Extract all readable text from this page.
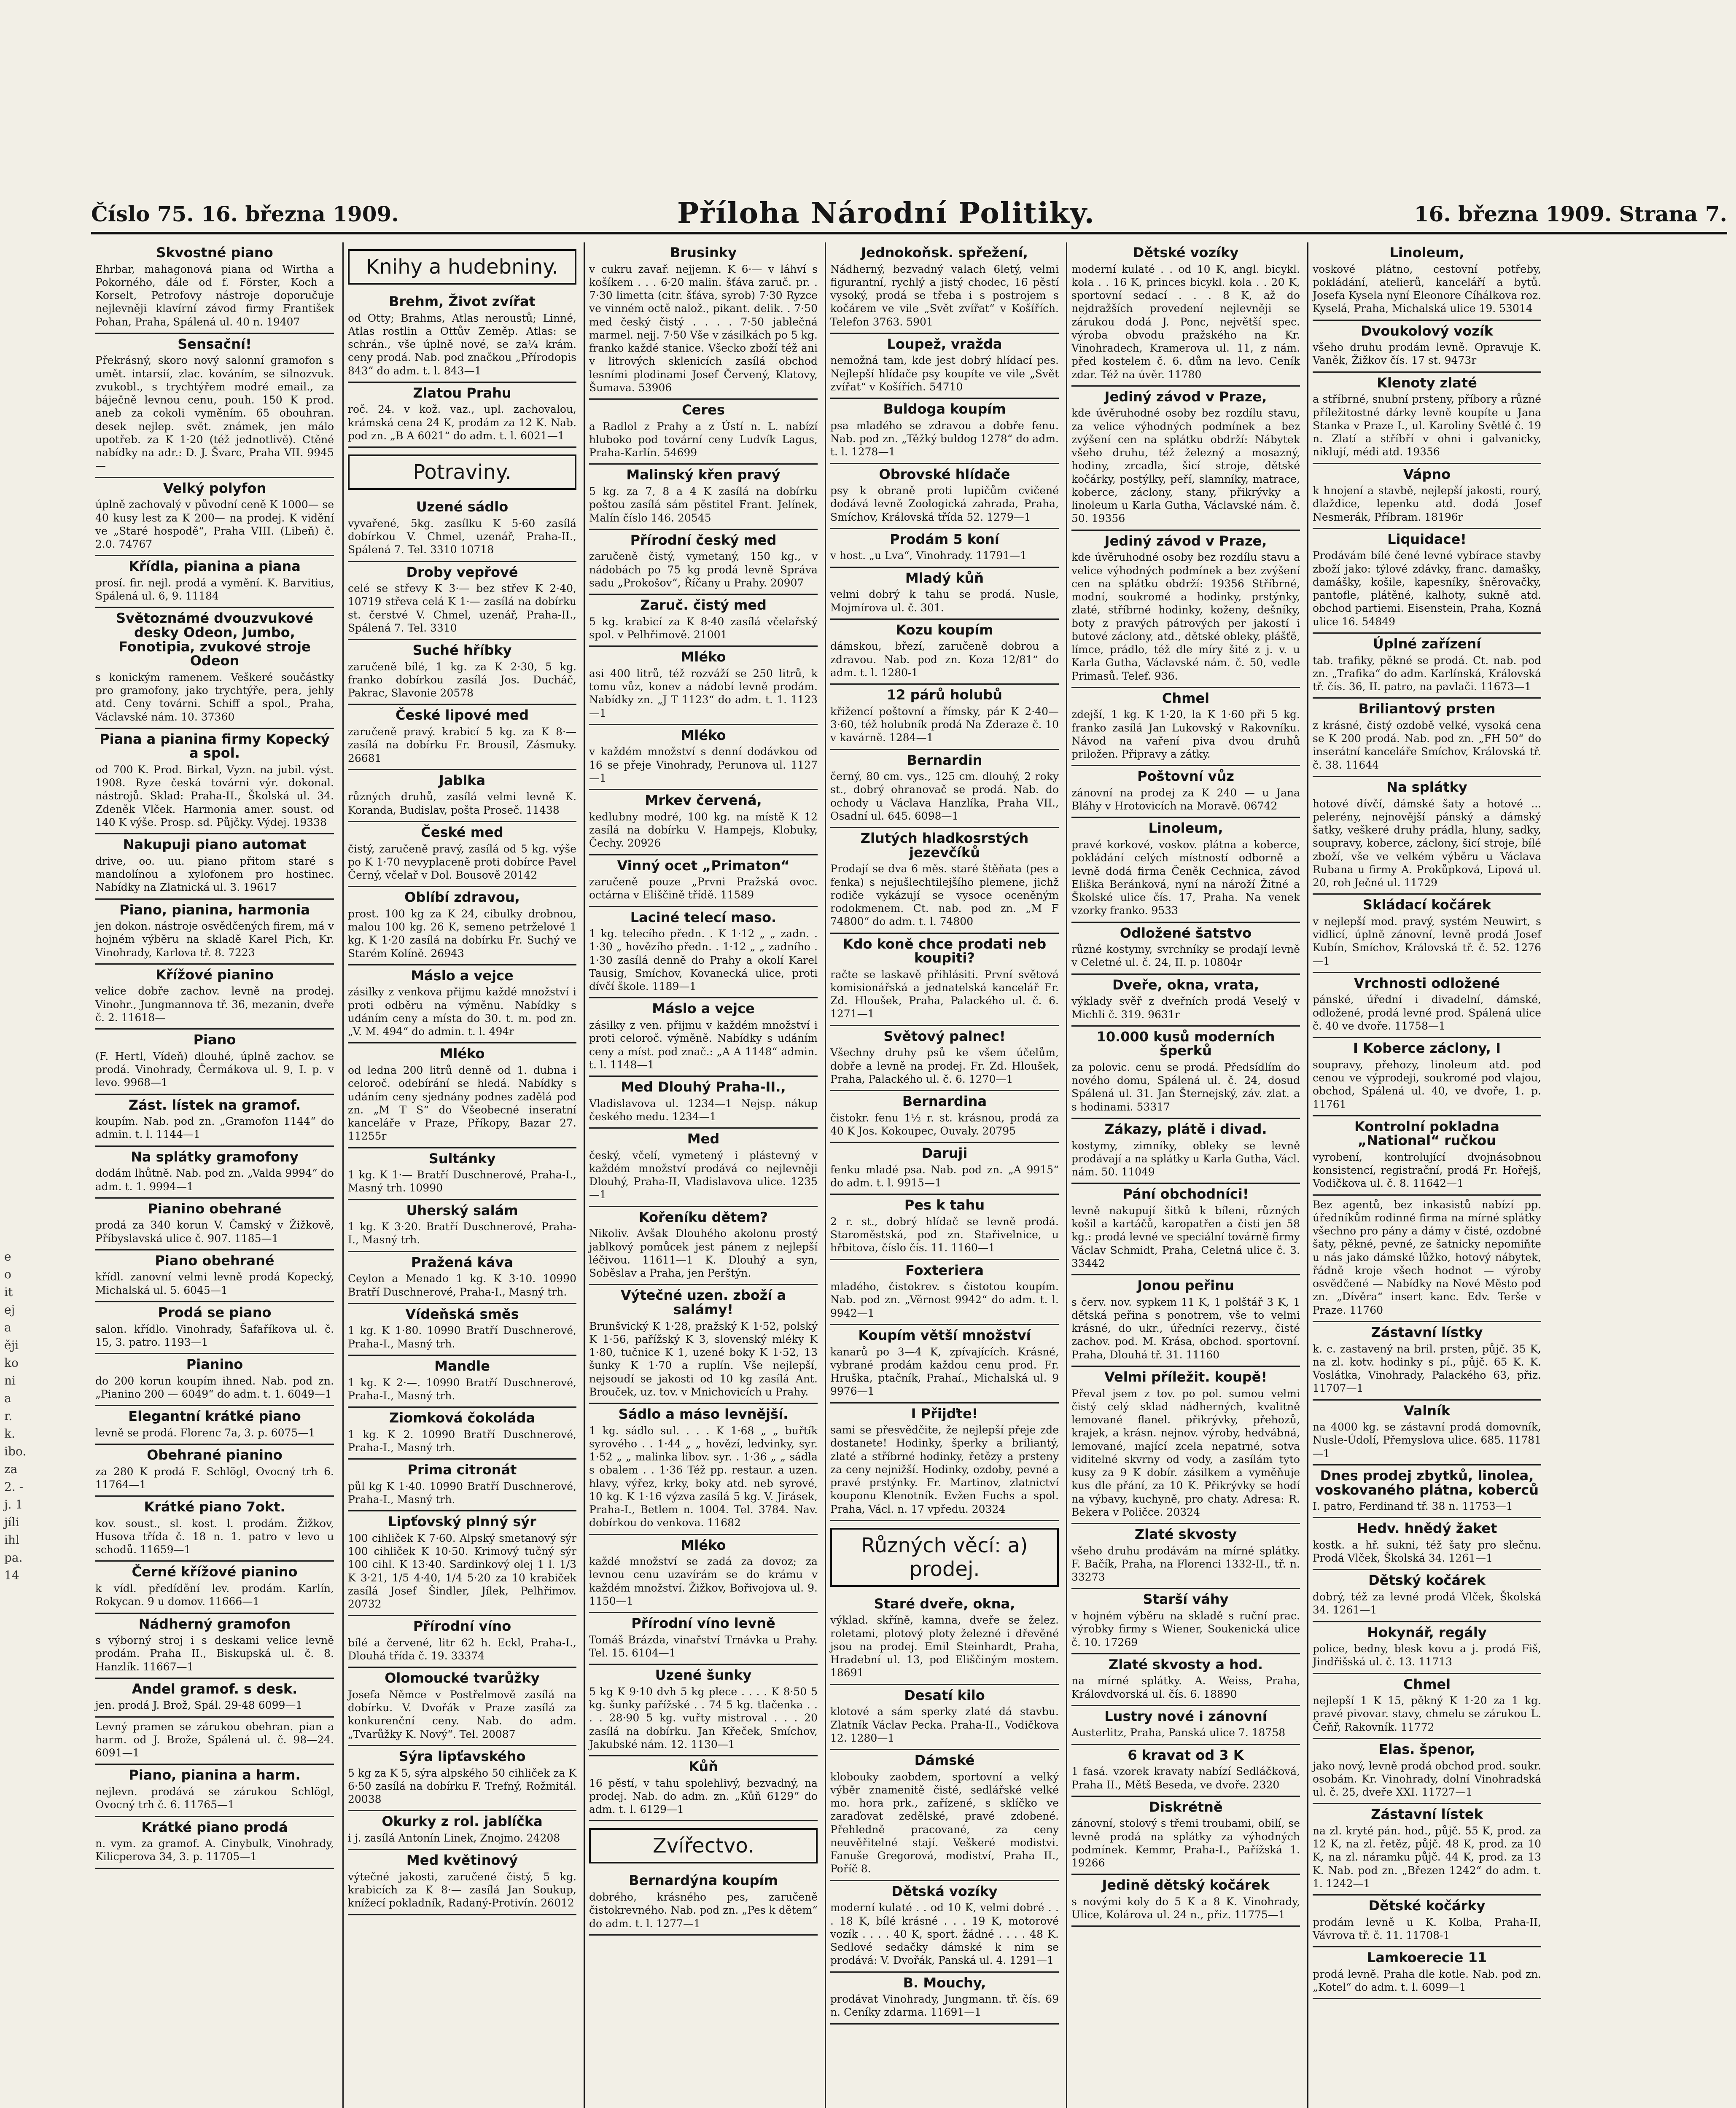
Číslo 75. 16. března 1909.	Příloha Národní Politiky.	16. března 1909. Strana 7.
Skvostné piano
Ehrbar, mahagonová piana od Wirtha a Pokorného, dále od f. Förster, Koch a Korselt, Petrofovy nástroje doporučuje nejlevněji klavírní závod firmy František Pohan, Praha, Spálená ul. 40 n. 19407
Sensační!
Překrásný, skoro nový salonní gramofon s umět. intarsií, zlac. kováním, se silnozvuk. zvukobl., s trychtýřem modré email., za báječně levnou cenu, pouh. 150 K prod. aneb za cokoli vyměním. 65 obouhran. desek nejlep. svět. známek, jen málo upotřeb. za K 1·20 (též jednotlivě). Ctěné nabídky na adr.: D. J. Švarc, Praha VII. 9945—
Velký polyfon
úplně zachovalý v původní ceně K 1000— se 40 kusy lest za K 200— na prodej. K vidění ve „Staré hospodě“, Praha VIII. (Libeň) č. 2.0. 74767
Křídla, pianina a piana
prosí. fir. nejl. prodá a vymění. K. Barvitius, Spálená ul. 6, 9. 11184
Světoznámé dvouzvukové desky Odeon, Jumbo, Fonotipia, zvukové stroje Odeon
s konickým ramenem. Veškeré součástky pro gramofony, jako trychtýře, pera, jehly atd. Ceny továrni. Schiff a spol., Praha, Václavské nám. 10. 37360
Piana a pianina firmy Kopecký a spol.
od 700 K. Prod. Birkal, Vyzn. na jubil. výst. 1908. Ryze česká továrni výr. dokonal. nástrojů. Sklad: Praha-II., Školská ul. 34. Zdeněk Vlček. Harmonia amer. soust. od 140 K výše. Prosp. sd. Půjčky. Výdej. 19338
Nakupuji piano automat
drive, oo. uu. piano přitom staré s mandolínou a xylofonem pro hostinec. Nabídky na Zlatnická ul. 3. 19617
Piano, pianina, harmonia
jen dokon. nástroje osvědčených firem, má v hojném výběru na skladě Karel Pich, Kr. Vinohrady, Karlova tř. 8. 7223
Křížové pianino
velice dobře zachov. levně na prodej. Vinohr., Jungmannova tř. 36, mezanin, dveře č. 2. 11618—
Piano
(F. Hertl, Vídeň) dlouhé, úplně zachov. se prodá. Vinohrady, Čermákova ul. 9, I. p. v levo. 9968—1
Zást. lístek na gramof.
koupím. Nab. pod zn. „Gramofon 1144“ do admin. t. l. 1144—1
Na splátky gramofony
dodám lhůtně. Nab. pod zn. „Valda 9994“ do adm. t. 1. 9994—1
Pianino obehrané
prodá za 340 korun V. Čamský v Žižkově, Příbyslavská ulice č. 907. 1185—1
Piano obehrané
křídl. zanovní velmi levně prodá Kopecký, Michalská ul. 5. 6045—1
Prodá se piano
salon. křídlo. Vinohrady, Šafaříkova ul. č. 15, 3. patro. 1193—1
Pianino
do 200 korun koupím ihned. Nab. pod zn. „Pianino 200 — 6049“ do adm. t. 1. 6049—1
Elegantní krátké piano
levně se prodá. Florenc 7a, 3. p. 6075—1
Obehrané pianino
za 280 K prodá F. Schlögl, Ovocný trh 6. 11764—1
Krátké piano 7okt.
kov. soust., sl. kost. l. prodám. Žižkov, Husova třída č. 18 n. 1. patro v levo u schodů. 11659—1
Černé křížové pianino
k vídl. předídění lev. prodám. Karlín, Rokycan. 9 u domov. 11666—1
Nádherný gramofon
s výborný stroj i s deskami velice levně prodám. Praha II., Biskupská ul. č. 8. Hanzlík. 11667—1
Andel gramof. s desk.
jen. prodá J. Brož, Spál. 29-48 6099—1
Levný pramen se zárukou obehran. pian a harm. od J. Brože, Spálená ul. č. 98—24. 6091—1
Piano, pianina a harm.
nejlevn. prodává se zárukou Schlögl, Ovocný trh č. 6. 11765—1
Krátké piano prodá
n. vym. za gramof. A. Cinybulk, Vinohrady, Kilicperova 34, 3. p. 11705—1
Knihy a hudebniny.
Brehm, Život zvířat
od Otty; Brahms, Atlas neroustů; Linné, Atlas rostlin a Ottův Zeměp. Atlas: se schrán., vše úplně nové, se za¼ krám. ceny prodá. Nab. pod značkou „Přírodopis 843“ do adm. t. l. 843—1
Zlatou Prahu
roč. 24. v kož. vaz., upl. zachovalou, krámská cena 24 K, prodám za 12 K. Nab. pod zn. „B A 6021“ do adm. t. l. 6021—1
Potraviny.
Uzené sádlo
vyvařené, 5kg. zasílku K 5·60 zasílá dobírkou V. Chmel, uzenář, Praha-II., Spálená 7. Tel. 3310 10718
Droby vepřové
celé se střevy K 3·— bez střev K 2·40, 10719 střeva celá K 1·— zasílá na dobírku st. čerstvé V. Chmel, uzenář, Praha-II., Spálená 7. Tel. 3310
Suché hříbky
zaručeně bílé, 1 kg. za K 2·30, 5 kg. franko dobírkou zasílá Jos. Ducháč, Pakrac, Slavonie 20578
České lipové med
zaručeně pravý. krabicí 5 kg. za K 8·— zasílá na dobírku Fr. Brousil, Zásmuky. 26681
Jablka
různých druhů, zasílá velmi levně K. Koranda, Budislav, pošta Proseč. 11438
České med
čistý, zaručeně pravý, zasílá od 5 kg. výše po K 1·70 nevyplaceně proti dobírce Pavel Černý, včelař v Dol. Bousově 20142
Oblíbí zdravou,
prost. 100 kg za K 24, cibulky drobnou, malou 100 kg. 26 K, semeno petrželové 1 kg. K 1·20 zasílá na dobírku Fr. Suchý ve Starém Kolíně. 26943
Máslo a vejce
zásilky z venkova přijmu každé množství i proti odběru na výměnu. Nabídky s udáním ceny a místa do 30. t. m. pod zn. „V. M. 494“ do admin. t. l. 494r
Mléko
od ledna 200 litrů denně od 1. dubna i celoroč. odebírání se hledá. Nabídky s udáním ceny sjednány podnes zadělá pod zn. „M T S“ do Všeobecné inseratní kanceláře v Praze, Příkopy, Bazar 27. 11255r
Sultánky
1 kg. K 1·— Bratří Duschnerové, Praha-I., Masný trh. 10990
Uherský salám
1 kg. K 3·20. Bratří Duschnerové, Praha-I., Masný trh.
Pražená káva
Ceylon a Menado 1 kg. K 3·10. 10990 Bratří Duschnerové, Praha-I., Masný trh.
Vídeňská směs
1 kg. K 1·80. 10990 Bratří Duschnerové, Praha-I., Masný trh.
Mandle
1 kg. K 2·—. 10990 Bratří Duschnerové, Praha-I., Masný trh.
Ziomková čokoláda
1 kg. K 2. 10990 Bratří Duschnerové, Praha-I., Masný trh.
Prima citronát
půl kg K 1·40. 10990 Bratří Duschnerové, Praha-I., Masný trh.
Lipťovský plnný sýr
100 cihliček K 7·60. Alpský smetanový sýr 100 cihliček K 10·50. Krimový tučný sýr 100 cihl. K 13·40. Sardinkový olej 1 l. 1/3 K 3·21, 1/5 4·40, 1/4 5·20 za 10 krabiček zasílá Josef Šindler, Jílek, Pelhřimov. 20732
Přírodní víno
bílé a červené, litr 62 h. Eckl, Praha-I., Dlouhá třída č. 19. 33374
Olomoucké tvarůžky
Josefa Němce v Postřelmově zasílá na dobírku. V. Dvořák v Praze zasílá za konkurenční ceny. Nab. do adm. „Tvarůžky K. Nový“. Tel. 20087
Sýra lipťavského
5 kg za K 5, sýra alpského 50 cihliček za K 6·50 zasílá na dobírku F. Trefný, Rožmitál. 20038
Okurky z rol. jablíčka
i j. zasílá Antonín Linek, Znojmo. 24208
Med květinový
výtečné jakosti, zaručené čistý, 5 kg. krabicích za K 8·— zasílá Jan Soukup, knížecí pokladník, Radaný-Protivín. 26012
Brusinky
v cukru zavař. nejjemn. K 6·— v láhví s košíkem . . . 6·20 malin. šťáva zaruč. pr. . 7·30 limetta (citr. šťáva, syrob) 7·30 Ryzce ve vinném octě nalož., pikant. delik. . 7·50 med český čistý . . . . 7·50 jablečná marmel. nejj. 7·50 Vše v zásilkách po 5 kg. franko každé stanice. Všecko zboží též ani v litrových sklenicích zasílá obchod lesními plodinami Josef Červený, Klatovy, Šumava. 53906
Ceres
a Radlol z Prahy a z Ústí n. L. nabízí hluboko pod tovární ceny Ludvík Lagus, Praha-Karlín. 54699
Malinský křen pravý
5 kg. za 7, 8 a 4 K zasílá na dobírku poštou zasílá sám pěstitel Frant. Jelínek, Malín číslo 146. 20545
Přírodní český med
zaručeně čistý, vymetaný, 150 kg., v nádobách po 75 kg prodá levně Správa sadu „Prokošov“, Říčany u Prahy. 20907
Zaruč. čistý med
5 kg. krabicí za K 8·40 zasílá včelařský spol. v Pelhřimově. 21001
Mléko
asi 400 litrů, též rozváží se 250 litrů, k tomu vůz, konev a nádobí levně prodám. Nabídky zn. „J T 1123“ do adm. t. 1. 1123—1
Mléko
v každém množství s denní dodávkou od 16 se přeje Vinohrady, Perunova ul. 1127—1
Mrkev červená,
kedlubny modré, 100 kg. na místě K 12 zasílá na dobírku V. Hampejs, Klobuky, Čechy. 20926
Vinný ocet „Primaton“
zaručeně pouze „Prvni Pražská ovoc. octárna v Eliščině třídě. 11589
Laciné telecí maso.
1 kg. telecího předn. . K 1·12 „ „ zadn. . 1·30 „ hovězího předn. . 1·12 „ „ zadního . 1·30 zasílá denně do Prahy a okolí Karel Tausig, Smíchov, Kovanecká ulice, proti dívčí škole. 1189—1
Máslo a vejce
zásilky z ven. přijmu v každém množství i proti celoroč. výměně. Nabídky s udáním ceny a míst. pod znač.: „A A 1148“ admin. t. l. 1148—1
Med Dlouhý Praha-II.,
Vladislavova ul. 1234—1 Nejsp. nákup českého medu. 1234—1
Med
český, včelí, vymetený i plástevný v každém množství prodává co nejlevněji Dlouhý, Praha-II, Vladislavova ulice. 1235—1
Kořeníku dětem?
Nikoliv. Avšak Dlouhého akolonu prostý jablkový pomůcek jest pánem z nejlepší léčivou. 11611—1 K. Dlouhý a syn, Soběslav a Praha, jen Perštýn.
Výtečné uzen. zboží a salámy!
Brunšvický K 1·28, pražský K 1·52, polský K 1·56, pařížský K 3, slovenský mléky K 1·80, tučnice K 1, uzené boky K 1·52, 13 šunky K 1·70 a ruplín. Vše nejlepší, nejsoudí se jakosti od 10 kg zasílá Ant. Brouček, uz. tov. v Mnichovicích u Prahy.
Sádlo a máso levnější.
1 kg. sádlo sul. . . . K 1·68 „ „ buřtík syrového . . 1·44 „ „ hovězí, ledvinky, syr. 1·52 „ „ malinka libov. syr. . 1·36 „ „ sádla s obalem . . 1·36 Též pp. restaur. a uzen. hlavy, výřez, krky, boky atd. neb syrové, 10 kg. K 1·16 výzva zasílá 5 kg. V. Jirásek, Praha-I., Betlem n. 1004. Tel. 3784. Nav. dobírkou do venkova. 11682
Mléko
každé množství se zadá za dovoz; za levnou cenu uzavírám se do krámu v každém množství. Žižkov, Bořivojova ul. 9. 1150—1
Přírodní víno levně
Tomáš Brázda, vinařství Trnávka u Prahy. Tel. 15. 6104—1
Uzené šunky
5 kg K 9·10 dvh 5 kg plece . . . . K 8·50 5 kg. šunky pařížské . . 74 5 kg. tlačenka . . . . 28·90 5 kg. vuřty mistroval . . . 20 zasílá na dobírku. Jan Křeček, Smíchov, Jakubské nám. 12. 1130—1
Kůň
16 pěstí, v tahu spolehlivý, bezvadný, na prodej. Nab. do adm. zn. „Kůň 6129“ do adm. t. l. 6129—1
Zvířectvo.
Bernardýna koupím
dobrého, krásného pes, zaručeně čistokrevného. Nab. pod zn. „Pes k dětem“ do adm. t. l. 1277—1
Jednokoňsk. spřežení,
Nádherný, bezvadný valach 6letý, velmi figurantní, rychlý a jistý chodec, 16 pěstí vysoký, prodá se třeba i s postrojem s kočárem ve vile „Svět zvířat“ v Košířích. Telefon 3763. 5901
Loupež, vražda
nemožná tam, kde jest dobrý hlídací pes. Nejlepší hlídače psy koupíte ve vile „Svět zvířat“ v Košířích. 54710
Buldoga koupím
psa mladého se zdravou a dobře fenu. Nab. pod zn. „Těžký buldog 1278“ do adm. t. l. 1278—1
Obrovské hlídače
psy k obraně proti lupičům cvičené dodává levně Zoologická zahrada, Praha, Smíchov, Královská třída 52. 1279—1
Prodám 5 koní
v host. „u Lva“, Vinohrady. 11791—1
Mladý kůň
velmi dobrý k tahu se prodá. Nusle, Mojmírova ul. č. 301.
Kozu koupím
dámskou, březí, zaručeně dobrou a zdravou. Nab. pod zn. Koza 12/81“ do adm. t. l. 1280-1
12 párů holubů
křižencí poštovní a římsky, pár K 2·40—3·60, též holubník prodá Na Zderaze č. 10 v kavárně. 1284—1
Bernardin
černý, 80 cm. vys., 125 cm. dlouhý, 2 roky st., dobrý ohranovač se prodá. Nab. do ochody u Václava Hanzlíka, Praha VII., Osadní ul. 645. 6098—1
Zlutých hladkosrstých jezevčíků
Prodají se dva 6 měs. staré štěňata (pes a fenka) s nejušlechtilejšího plemene, jichž rodiče vykázují se vysoce oceněným rodokmenem. Ct. nab. pod zn. „M F 74800“ do adm. t. l. 74800
Kdo koně chce prodati neb koupiti?
račte se laskavě přihlásiti. První světová komisionářská a jednatelská kancelář Fr. Zd. Hloušek, Praha, Palackého ul. č. 6. 1271—1
Světový palnec!
Všechny druhy psů ke všem účelům, dobře a levně na prodej. Fr. Zd. Hloušek, Praha, Palackého ul. č. 6. 1270—1
Bernardina
čistokr. fenu 1½ r. st. krásnou, prodá za 40 K Jos. Kokoupec, Ouvaly. 20795
Daruji
fenku mladé psa. Nab. pod zn. „A 9915“ do adm. t. l. 9915—1
Pes k tahu
2 r. st., dobrý hlídač se levně prodá. Staroměstská, pod zn. Stařivelnice, u hřbitova, číslo čís. 11. 1160—1
Foxteriera
mladého, čistokrev. s čistotou koupím. Nab. pod zn. „Věrnost 9942“ do adm. t. l. 9942—1
Koupím větší množství
kanarů po 3—4 K, zpívajících. Krásné, vybrané prodám každou cenu prod. Fr. Hruška, ptačník, Prahaí., Michalská ul. 9 9976—1
I Přijďte!
sami se přesvědčite, že nejlepší přeje zde dostanete! Hodinky, šperky a briliantý, zlaté a stříbrné hodinky, řetězy a prsteny za ceny nejnižší. Hodinky, ozdoby, pevné a pravé prstýnky. Fr. Martinov, zlatnictví kouponu Klenotník. Evžen Fuchs a spol. Praha, Václ. n. 17 vpředu. 20324
Různých věcí: a) prodej.
Staré dveře, okna,
výklad. skříně, kamna, dveře se želez. roletami, plotový ploty železné i dřevěné jsou na prodej. Emil Steinhardt, Praha, Hradební ul. 13, pod Eliščiným mostem. 18691
Desatí kilo
klotové a sám sperky zlaté dá stavbu. Zlatník Václav Pecka. Praha-II., Vodičkova 12. 1280—1
Dámské
klobouky zaobdem, sportovní a velký výběr znamenitě čisté, sedlářské velké mo. hora prk., zařízené, s sklíčko ve zaraďovat zedělské, pravé zdobené. Přehledně pracované, za ceny neuvěřitelné stají. Veškeré modistvi. Fanuše Gregorová, modiství, Praha II., Poříč 8.
Dětská vozíky
moderní kulaté . . od 10 K, velmi dobré . . . 18 K, bílé krásné . . . 19 K, motorové vozík . . . . 40 K, sport. žádné . . . . 48 K. Sedlové sedačky dámské k nim se prodává: V. Dvořák, Panská ul. 4. 1291—1
B. Mouchy,
prodávat Vinohrady, Jungmann. tř. čís. 69 n. Ceníky zdarma. 11691—1
Dětské vozíky
moderní kulaté . . od 10 K, angl. bicykl. kola . . 16 K, princes bicykl. kola . . 20 K, sportovní sedací . . . 8 K, až do nejdražších provedení nejlevněji se zárukou dodá J. Ponc, největší spec. výroba obvodu pražského na Kr. Vinohradech, Kramerova ul. 11, z nám. před kostelem č. 6. dům na levo. Ceník zdar. Též na úvěr. 11780
Jediný závod v Praze,
kde úvěruhodné osoby bez rozdílu stavu, za velice výhodných podmínek a bez zvýšení cen na splátku obdrží: Nábytek všeho druhu, též železný a mosazný, hodiny, zrcadla, šicí stroje, dětské kočárky, postýlky, peří, slamníky, matrace, koberce, záclony, stany, přikrývky a linoleum u Karla Gutha, Václavské nám. č. 50. 19356
Jediný závod v Praze,
kde úvěruhodné osoby bez rozdílu stavu a velice výhodných podmínek a bez zvýšení cen na splátku obdrží: 19356 Stříbrné, modní, soukromé a hodinky, prstýnky, zlaté, stříbrné hodinky, koženy, dešníky, boty z pravých pátrových per jakostí i butové záclony, atd., dětské obleky, plášťě, límce, prádlo, též dle míry šité z j. v. u Karla Gutha, Václavské nám. č. 50, vedle Primasů. Telef. 936.
Chmel
zdejší, 1 kg. K 1·20, la K 1·60 při 5 kg. franko zasílá Jan Lukovský v Rakovníku. Návod na vaření piva dvou druhů priložen. Připravy a zátky.
Poštovní vůz
zánovní na prodej za K 240 — u Jana Bláhy v Hrotovicích na Moravě. 06742
Linoleum,
pravé korkové, voskov. plátna a koberce, pokládání celých místností odborně a levně dodá firma Čeněk Cechnica, závod Eliška Beránková, nyní na nároží Žitné a Školské ulice čís. 17, Praha. Na venek vzorky franko. 9533
Odložené šatstvo
různé kostymy, svrchníky se prodají levně v Celetné ul. č. 24, II. p. 10804r
Dveře, okna, vrata,
výklady svěř z dveřních prodá Veselý v Michli č. 319. 9631r
10.000 kusů moderních šperků
za polovic. cenu se prodá. Předsídlím do nového domu, Spálená ul. č. 24, dosud Spálená ul. 31. Jan Šternejský, záv. zlat. a s hodinami. 53317
Zákazy, plátě i divad.
kostymy, zimníky, obleky se levně prodávají a na splátky u Karla Gutha, Václ. nám. 50. 11049
Pání obchodníci!
levně nakupují šitků k bíleni, různých košil a kartáčů, karopatřen a čisti jen 58 kg.: prodá levné ve speciální továrně firmy Václav Schmidt, Praha, Celetná ulice č. 3. 33442
Jonou peřinu
s červ. nov. sypkem 11 K, 1 polštář 3 K, 1 dětská peřina s ponotrem, vše to velmi krásné, do ukr., úředníci rezervy., čisté zachov. pod. M. Krása, obchod. sportovní. Praha, Dlouhá tř. 31. 11160
Velmi příležit. koupě!
Převal jsem z tov. po pol. sumou velmi čistý celý sklad nádherných, kvalitně lemované flanel. přikrývky, přehozů, krajek, a krásn. nejnov. výroby, hedvábná, lemované, mající zcela nepatrné, sotva viditelné skvrny od vody, a zasílám tyto kusy za 9 K dobír. zásilkem a vyměňuje kus dle přání, za 10 K. Přikrývky se hodí na výbavy, kuchyně, pro chaty. Adresa: R. Bekera v Poličce. 20324
Zlaté skvosty
všeho druhu prodávám na mírné splátky. F. Bačík, Praha, na Florenci 1332-II., tř. n. 33273
Starší váhy
v hojném výběru na skladě s ruční prac. výrobky firmy s Wiener, Soukenická ulice č. 10. 17269
Zlaté skvosty a hod.
na mírné splátky. A. Weiss, Praha, Královdvorská ul. čís. 6. 18890
Lustry nové i zánovní
Austerlitz, Praha, Panská ulice 7. 18758
6 kravat od 3 K
1 fasá. vzorek kravaty nabízí Sedláčková, Praha II., Mětš Beseda, ve dvoře. 2320
Diskrétně
zánovní, stolový s třemi troubami, obilí, se levně prodá na splátky za výhodných podmínek. Kemmr, Praha-I., Pařížská 1. 19266
Jedině dětský kočárek
s novými koly do 5 K a 8 K. Vinohrady, Ulice, Kolárova ul. 24 n., přiz. 11775—1
Linoleum,
voskové plátno, cestovní potřeby, pokládání, atelierů, kanceláří a bytů. Josefa Kysela nyní Eleonore Cíhálkova roz. Kyselá, Praha, Michalská ulice 19. 53014
Dvoukolový vozík
všeho druhu prodám levně. Opravuje K. Vaněk, Žižkov čís. 17 st. 9473r
Klenoty zlaté
a stříbrné, snubní prsteny, příbory a různé příležitostné dárky levně koupíte u Jana Stanka v Praze I., ul. Karoliny Světlé č. 19 n. Zlatí a stříbří v ohni i galvanicky, niklují, médi atd. 19356
Vápno
k hnojení a stavbě, nejlepší jakosti, rourý, dlaždice, lepenku atd. dodá Josef Nesmerák, Příbram. 18196r
Liquidace!
Prodávám bílé čené levné vybírace stavby zboží jako: týlové zdávky, franc. damašky, damášky, košile, kapesníky, šněrovačky, pantofle, plátěné, kalhoty, sukně atd. obchod partiemi. Eisenstein, Praha, Kozná ulice 16. 54849
Úplné zařízení
tab. trafiky, pěkné se prodá. Ct. nab. pod zn. „Trafika“ do adm. Karlínská, Královská tř. čís. 36, II. patro, na pavlači. 11673—1
Briliantový prsten
z krásné, čistý ozdobě velké, vysoká cena se K 200 prodá. Nab. pod zn. „FH 50“ do inserátní kanceláře Smíchov, Královská tř. č. 38. 11644
Na splátky
hotové dívčí, dámské šaty a hotové ... pelerény, nejnovější pánský a dámský šatky, veškeré druhy prádla, hluny, sadky, soupravy, koberce, záclony, šicí stroje, bílé zboží, vše ve velkém výběru u Václava Rubana u firmy A. Prokůpková, Lipová ul. 20, roh Ječné ul. 11729
Skládací kočárek
v nejlepší mod. pravý, systém Neuwirt, s vidlicí, úplně zánovní, levně prodá Josef Kubín, Smíchov, Královská tř. č. 52. 1276—1
Vrchnosti odložené
pánské, úřední i divadelní, dámské, odložené, prodá levné prod. Spálená ulice č. 40 ve dvoře. 11758—1
I Koberce záclony, I
soupravy, přehozy, linoleum atd. pod cenou ve výprodeji, soukromé pod vlajou, obchod, Spálená ul. 40, ve dvoře, 1. p. 11761
Kontrolní pokladna „National“ ručkou
vyrobení, kontrolující dvojnásobnou konsistencí, registrační, prodá Fr. Hořejš, Vodičkova ul. č. 8. 11642—1
Bez agentů, bez inkasistů nabízí pp. úředníkům rodinné firma na mírné splátky všechno pro pány a dámy v čisté, ozdobné šaty, pěkné, pevné, ze šatnicky nepomiňte u nás jako dámské lůžko, hotový nábytek, řádně kroje všech hodnot — výroby osvědčené — Nabídky na Nové Město pod zn. „Dívěra“ insert kanc. Edv. Terše v Praze. 11760
Zástavní lístky
k. c. zastavený na bril. prsten, půjč. 35 K, na zl. kotv. hodinky s pí., půjč. 65 K. K. Voslátka, Vinohrady, Palackého 63, přiz. 11707—1
Valník
na 4000 kg. se zástavní prodá domovník, Nusle-Údolí, Přemyslova ulice. 685. 11781—1
Dnes prodej zbytků, linolea, voskovaného plátna, koberců
I. patro, Ferdinand tř. 38 n. 11753—1
Hedv. hnědý žaket
kostk. a hř. sukni, též šaty pro slečnu. Prodá Vlček, Školská 34. 1261—1
Dětský kočárek
dobrý, též za levné prodá Vlček, Školská 34. 1261—1
Hokynář, regály
police, bedny, blesk kovu a j. prodá Fiš, Jindřišská ul. č. 13. 11713
Chmel
nejlepší 1 K 15, pěkný K 1·20 za 1 kg. pravé pivovar. stavy, chmelu se zárukou L. Čeňř, Rakovník. 11772
Elas. špenor,
jako nový, levně prodá obchod prod. soukr. osobám. Kr. Vinohrady, dolní Vinohradská ul. č. 25, dveře XXI. 11727—1
Zástavní lístek
na zl. kryté pán. hod., půjč. 55 K, prod. za 12 K, na zl. řetěz, půjč. 48 K, prod. za 10 K, na zl. náramku půjč. 44 K, prod. za 13 K. Nab. pod zn. „Březen 1242“ do adm. t. 1. 1242—1
Dětské kočárky
prodám levně u K. Kolba, Praha-II, Vávrova tř. č. 11. 11708-1
Lamkoerecie 11
prodá levně. Praha dle kotle. Nab. pod zn. „Kotel“ do adm. t. l. 6099—1
e
o
it
ej
a
ěji
ko
ni
a
r.
k.
ibo.
za
2. -
j. 1
jíli
ihl
pa.
14
